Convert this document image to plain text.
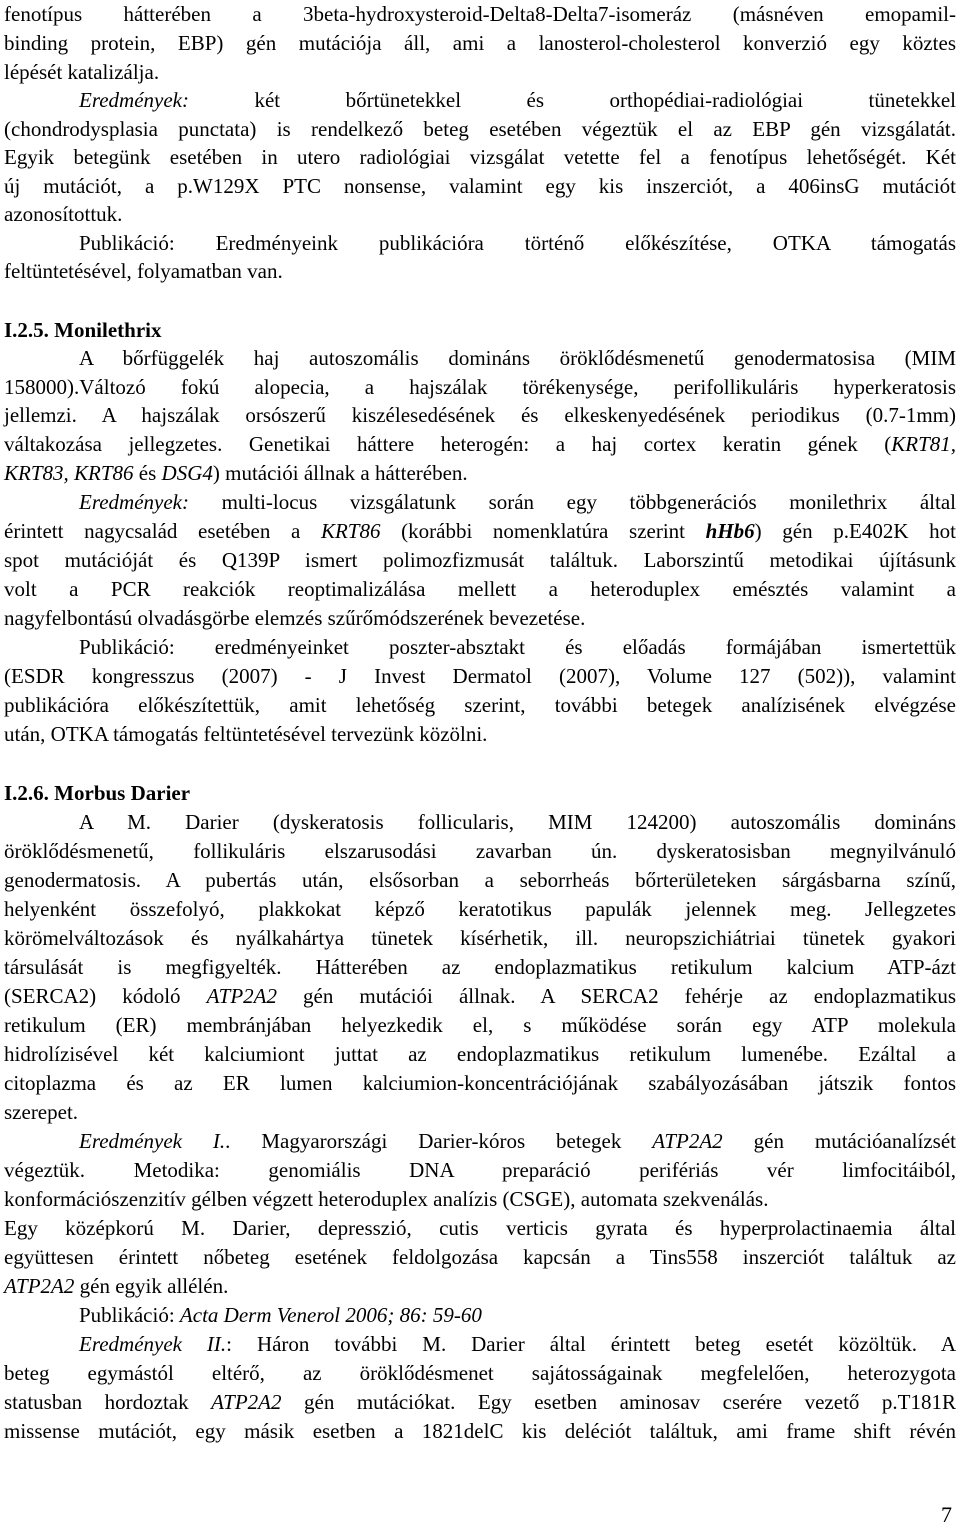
7
fenotípus hátterében a 3beta-hydroxysteroid-Delta8-Delta7-isomeráz (másnéven emopamil-
binding protein, EBP) gén mutációja áll, ami a lanosterol-cholesterol konverzió egy köztes
lépését katalizálja.
Eredmények: két bőrtünetekkel és orthopédiai-radiológiai tünetekkel
(chondrodysplasia punctata) is rendelkező beteg esetében végeztük el az EBP gén vizsgálatát.
Egyik betegünk esetében in utero radiológiai vizsgálat vetette fel a fenotípus lehetőségét. Két
új mutációt, a p.W129X PTC nonsense, valamint egy kis inszerciót, a 406insG mutációt
azonosítottuk.
Publikáció: Eredményeink publikációra történő előkészítése, OTKA támogatás
feltüntetésével, folyamatban van.
I.2.5. Monilethrix
A bőrfüggelék haj autoszomális domináns öröklődésmenetű genodermatosisa (MIM
158000).Változó fokú alopecia, a hajszálak törékenysége, perifollikuláris hyperkeratosis
jellemzi. A hajszálak orsószerű kiszélesedésének és elkeskenyedésének periodikus (0.7-1mm)
váltakozása jellegzetes. Genetikai háttere heterogén: a haj cortex keratin gének (KRT81,
KRT83, KRT86 és DSG4) mutációi állnak a hátterében.
Eredmények: multi-locus vizsgálatunk során egy többgenerációs monilethrix által
érintett nagycsalád esetében a KRT86 (korábbi nomenklatúra szerint hHb6) gén p.E402K hot
spot mutációját és Q139P ismert polimozfizmusát találtuk. Laborszintű metodikai újításunk
volt a PCR reakciók reoptimalizálása mellett a heteroduplex emésztés valamint a
nagyfelbontású olvadásgörbe elemzés szűrőmódszerének bevezetése.
Publikáció: eredményeinket poszter-absztakt és előadás formájában ismertettük
(ESDR kongresszus (2007) - J Invest Dermatol (2007), Volume 127 (502)), valamint
publikációra előkészítettük, amit lehetőség szerint, további betegek analízisének elvégzése
után, OTKA támogatás feltüntetésével tervezünk közölni.
I.2.6. Morbus Darier
A M. Darier (dyskeratosis follicularis, MIM 124200) autoszomális domináns
öröklődésmenetű, follikuláris elszarusodási zavarban ún. dyskeratosisban megnyilvánuló
genodermatosis. A pubertás után, elsősorban a seborrheás bőrterületeken sárgásbarna színű,
helyenként összefolyó, plakkokat képző keratotikus papulák jelennek meg. Jellegzetes
körömelváltozások és nyálkahártya tünetek kísérhetik, ill. neuropszichiátriai tünetek gyakori
társulását is megfigyelték. Hátterében az endoplazmatikus retikulum kalcium ATP-ázt
(SERCA2) kódoló ATP2A2 gén mutációi állnak. A SERCA2 fehérje az endoplazmatikus
retikulum (ER) membránjában helyezkedik el, s működése során egy ATP molekula
hidrolízisével két kalciumiont juttat az endoplazmatikus retikulum lumenébe. Ezáltal a
citoplazma és az ER lumen kalciumion-koncentrációjának szabályozásában játszik fontos
szerepet.
Eredmények I.. Magyarországi Darier-kóros betegek ATP2A2 gén mutációanalízsét
végeztük. Metodika: genomiális DNA preparáció perifériás vér limfocitáiból,
konformációszenzitív gélben végzett heteroduplex analízis (CSGE), automata szekvenálás.
Egy középkorú M. Darier, depresszió, cutis verticis gyrata és hyperprolactinaemia által
együttesen érintett nőbeteg esetének feldolgozása kapcsán a Tins558 inszerciót találtuk az
ATP2A2 gén egyik allélén.
Publikáció: Acta Derm Venerol 2006; 86: 59-60
Eredmények II.: Háron további M. Darier által érintett beteg esetét közöltük. A
beteg egymástól eltérő, az öröklődésmenet sajátosságainak megfelelően, heterozygota
statusban hordoztak ATP2A2 gén mutációkat. Egy esetben aminosav cserére vezető p.T181R
missense mutációt, egy másik esetben a 1821delC kis deléciót találtuk, ami frame shift révén
